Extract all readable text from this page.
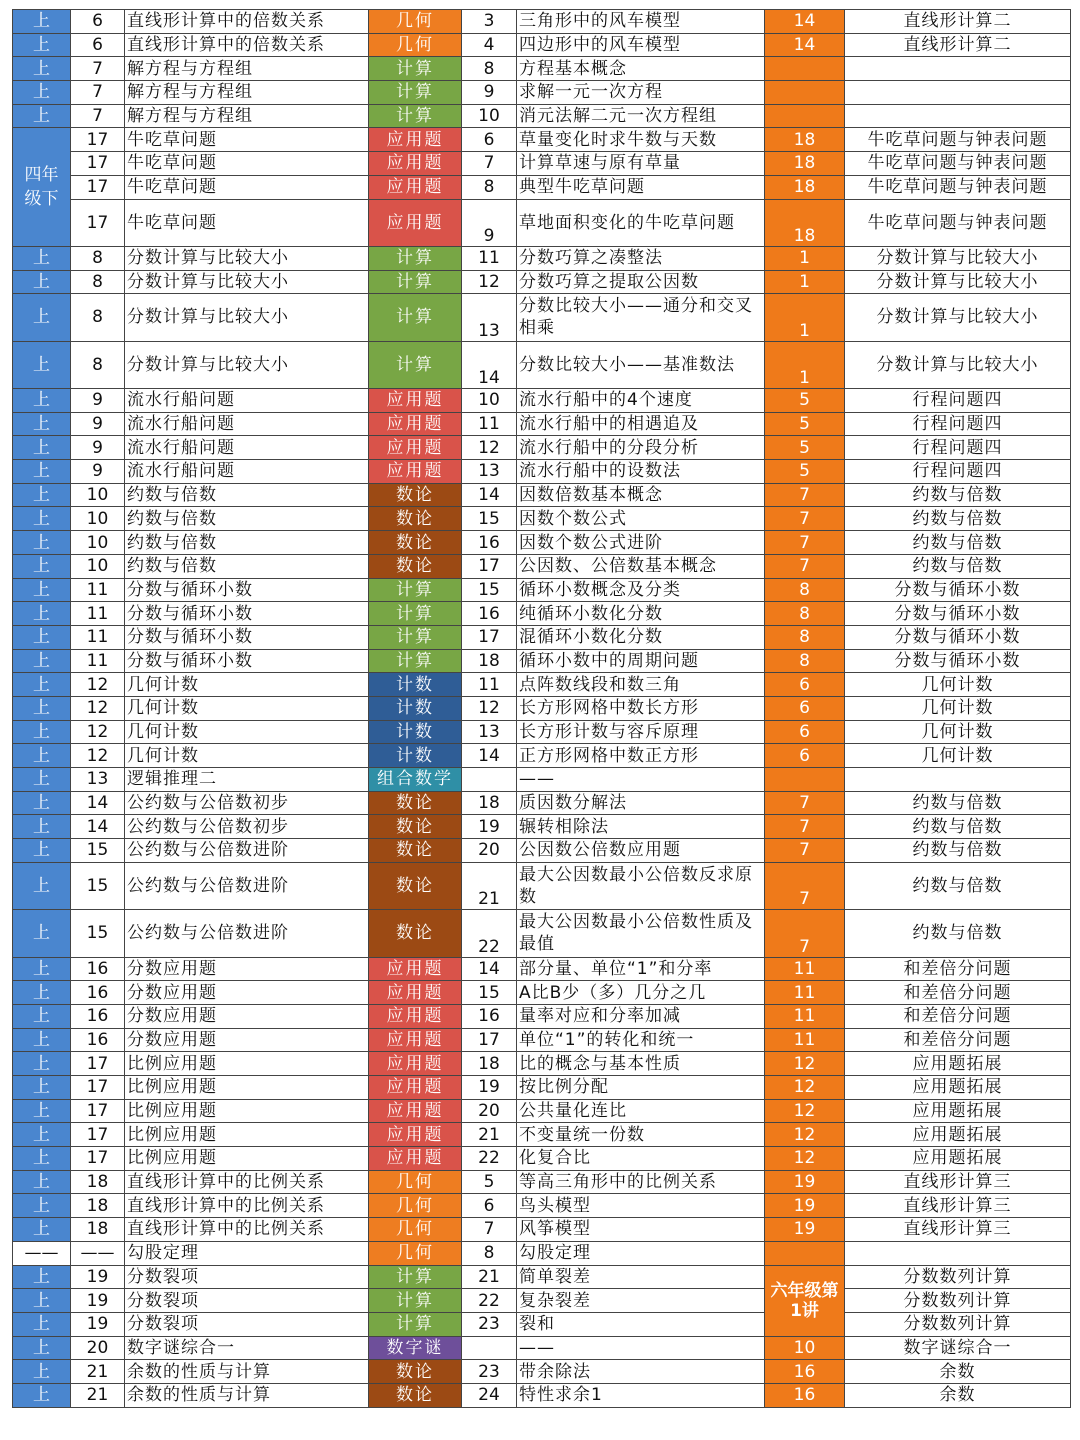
上	6	直线形计算中的倍数关系	几何	3	三角形中的风车模型	14	直线形计算二
上	6	直线形计算中的倍数关系	几何	4	四边形中的风车模型	14	直线形计算二
上	7	解方程与方程组	计算	8	方程基本概念		
上	7	解方程与方程组	计算	9	求解一元一次方程		
上	7	解方程与方程组	计算	10	消元法解二元一次方程组		
四年级下	17	牛吃草问题	应用题	6	草量变化时求牛数与天数	18	牛吃草问题与钟表问题
	17	牛吃草问题	应用题	7	计算草速与原有草量	18	牛吃草问题与钟表问题
	17	牛吃草问题	应用题	8	典型牛吃草问题	18	牛吃草问题与钟表问题
	17	牛吃草问题	应用题	9	草地面积变化的牛吃草问题	18	牛吃草问题与钟表问题
上	8	分数计算与比较大小	计算	11	分数巧算之凑整法	1	分数计算与比较大小
上	8	分数计算与比较大小	计算	12	分数巧算之提取公因数	1	分数计算与比较大小
上	8	分数计算与比较大小	计算	13	分数比较大小——通分和交叉相乘	1	分数计算与比较大小
上	8	分数计算与比较大小	计算	14	分数比较大小——基准数法	1	分数计算与比较大小
上	9	流水行船问题	应用题	10	流水行船中的4个速度	5	行程问题四
上	9	流水行船问题	应用题	11	流水行船中的相遇追及	5	行程问题四
上	9	流水行船问题	应用题	12	流水行船中的分段分析	5	行程问题四
上	9	流水行船问题	应用题	13	流水行船中的设数法	5	行程问题四
上	10	约数与倍数	数论	14	因数倍数基本概念	7	约数与倍数
上	10	约数与倍数	数论	15	因数个数公式	7	约数与倍数
上	10	约数与倍数	数论	16	因数个数公式进阶	7	约数与倍数
上	10	约数与倍数	数论	17	公因数、公倍数基本概念	7	约数与倍数
上	11	分数与循环小数	计算	15	循环小数概念及分类	8	分数与循环小数
上	11	分数与循环小数	计算	16	纯循环小数化分数	8	分数与循环小数
上	11	分数与循环小数	计算	17	混循环小数化分数	8	分数与循环小数
上	11	分数与循环小数	计算	18	循环小数中的周期问题	8	分数与循环小数
上	12	几何计数	计数	11	点阵数线段和数三角	6	几何计数
上	12	几何计数	计数	12	长方形网格中数长方形	6	几何计数
上	12	几何计数	计数	13	长方形计数与容斥原理	6	几何计数
上	12	几何计数	计数	14	正方形网格中数正方形	6	几何计数
上	13	逻辑推理二	组合数学		——		
上	14	公约数与公倍数初步	数论	18	质因数分解法	7	约数与倍数
上	14	公约数与公倍数初步	数论	19	辗转相除法	7	约数与倍数
上	15	公约数与公倍数进阶	数论	20	公因数公倍数应用题	7	约数与倍数
上	15	公约数与公倍数进阶	数论	21	最大公因数最小公倍数反求原数	7	约数与倍数
上	15	公约数与公倍数进阶	数论	22	最大公因数最小公倍数性质及最值	7	约数与倍数
上	16	分数应用题	应用题	14	部分量、单位“1”和分率	11	和差倍分问题
上	16	分数应用题	应用题	15	A比B少（多）几分之几	11	和差倍分问题
上	16	分数应用题	应用题	16	量率对应和分率加减	11	和差倍分问题
上	16	分数应用题	应用题	17	单位“1”的转化和统一	11	和差倍分问题
上	17	比例应用题	应用题	18	比的概念与基本性质	12	应用题拓展
上	17	比例应用题	应用题	19	按比例分配	12	应用题拓展
上	17	比例应用题	应用题	20	公共量化连比	12	应用题拓展
上	17	比例应用题	应用题	21	不变量统一份数	12	应用题拓展
上	17	比例应用题	应用题	22	化复合比	12	应用题拓展
上	18	直线形计算中的比例关系	几何	5	等高三角形中的比例关系	19	直线形计算三
上	18	直线形计算中的比例关系	几何	6	鸟头模型	19	直线形计算三
上	18	直线形计算中的比例关系	几何	7	风筝模型	19	直线形计算三
——	——	勾股定理	几何	8	勾股定理		
上	19	分数裂项	计算	21	简单裂差	六年级第1讲	分数数列计算
上	19	分数裂项	计算	22	复杂裂差		分数数列计算
上	19	分数裂项	计算	23	裂和		分数数列计算
上	20	数字谜综合一	数字谜		——	10	数字谜综合一
上	21	余数的性质与计算	数论	23	带余除法	16	余数
上	21	余数的性质与计算	数论	24	特性求余1	16	余数
